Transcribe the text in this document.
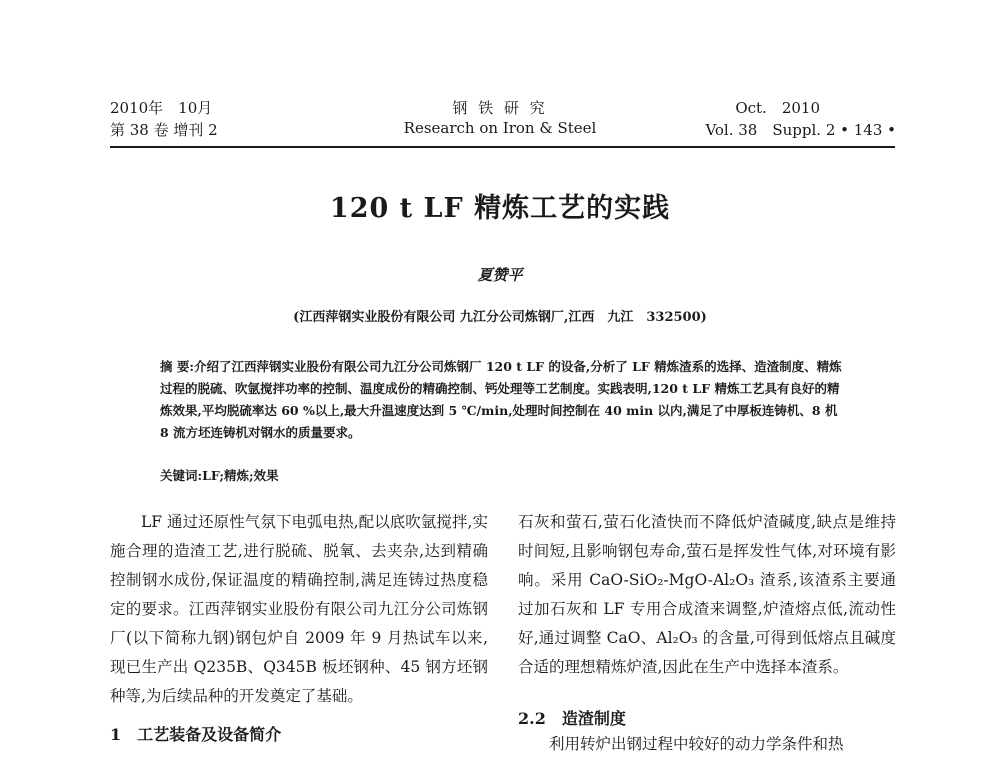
2010年　10月
第 38 卷 增刊 2
钢 铁 研 究
Research on Iron & Steel
Oct.　2010
Vol. 38　Suppl. 2 • 143 •
120 t LF 精炼工艺的实践
夏赞平
(江西萍钢实业股份有限公司 九江分公司炼钢厂,江西　九江　332500)

摘 要:介绍了江西萍钢实业股份有限公司九江分公司炼钢厂 120 t LF 的设备,分析了 LF 精炼渣系的选择、造渣制度、精炼过程的脱硫、吹氩搅拌功率的控制、温度成份的精确控制、钙处理等工艺制度。实践表明,120 t LF 精炼工艺具有良好的精炼效果,平均脱硫率达 60 %以上,最大升温速度达到 5 ℃/min,处理时间控制在 40 min 以内,满足了中厚板连铸机、8 机 8 流方坯连铸机对钢水的质量要求。

关键词:LF;精炼;效果

LF 通过还原性气氛下电弧电热,配以底吹氩搅拌,实施合理的造渣工艺,进行脱硫、脱氧、去夹杂,达到精确控制钢水成份,保证温度的精确控制,满足连铸过热度稳定的要求。江西萍钢实业股份有限公司九江分公司炼钢厂(以下简称九钢)钢包炉自 2009 年 9 月热试车以来,现已生产出 Q235B、Q345B 板坯钢种、45 钢方坯钢种等,为后续品种的开发奠定了基础。

1　工艺装备及设备简介

石灰和萤石,萤石化渣快而不降低炉渣碱度,缺点是维持时间短,且影响钢包寿命,萤石是挥发性气体,对环境有影响。采用 CaO-SiO₂-MgO-Al₂O₃ 渣系,该渣系主要通过加石灰和 LF 专用合成渣来调整,炉渣熔点低,流动性好,通过调整 CaO、Al₂O₃ 的含量,可得到低熔点且碱度合适的理想精炼炉渣,因此在生产中选择本渣系。

2.2　造渣制度

利用转炉出钢过程中较好的动力学条件和热
